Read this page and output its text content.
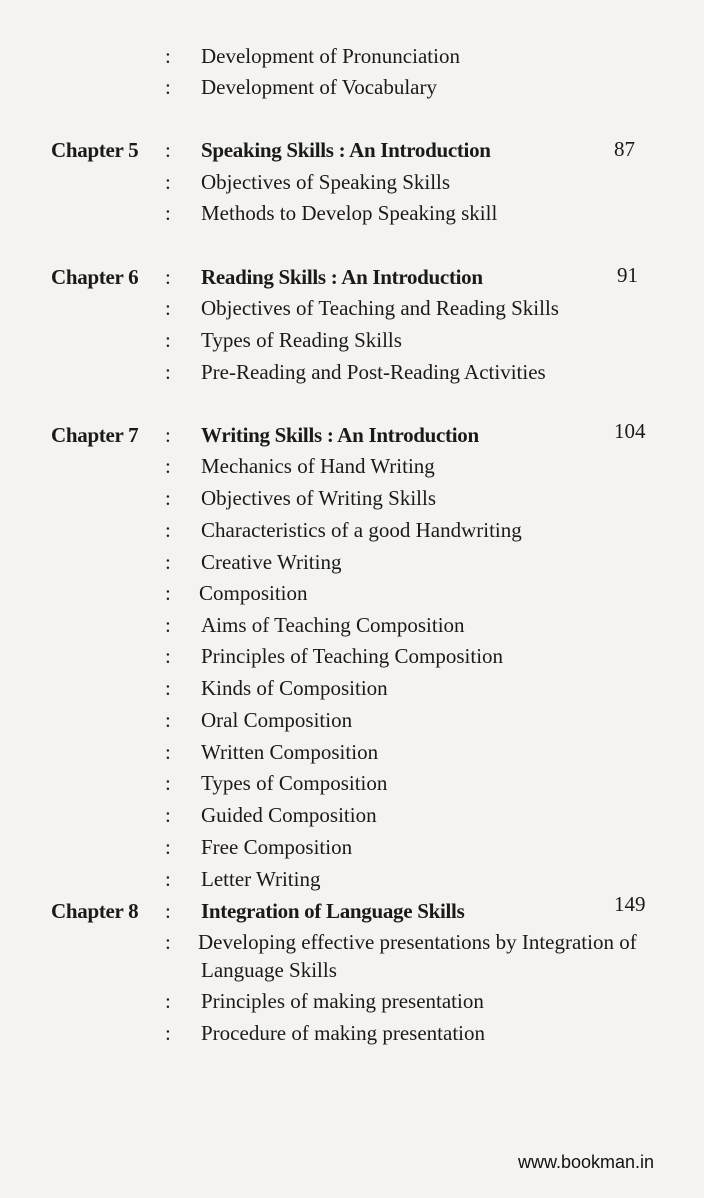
: Development of Pronunciation
: Development of Vocabulary
Chapter 5 : Speaking Skills : An Introduction	87
: Objectives of Speaking Skills
: Methods to Develop Speaking skill
Chapter 6 : Reading Skills : An Introduction	91
: Objectives of Teaching and Reading Skills
: Types of Reading Skills
: Pre-Reading and Post-Reading Activities
Chapter 7 : Writing Skills : An Introduction	104
: Mechanics of Hand Writing
: Objectives of Writing Skills
: Characteristics of a good Handwriting
: Creative Writing
: Composition
: Aims of Teaching Composition
: Principles of Teaching Composition
: Kinds of Composition
: Oral Composition
: Written Composition
: Types of Composition
: Guided Composition
: Free Composition
: Letter Writing
Chapter 8 : Integration of Language Skills	149
: Developing effective presentations by Integration of
Language Skills
: Principles of making presentation
: Procedure of making presentation
www.bookman.in
